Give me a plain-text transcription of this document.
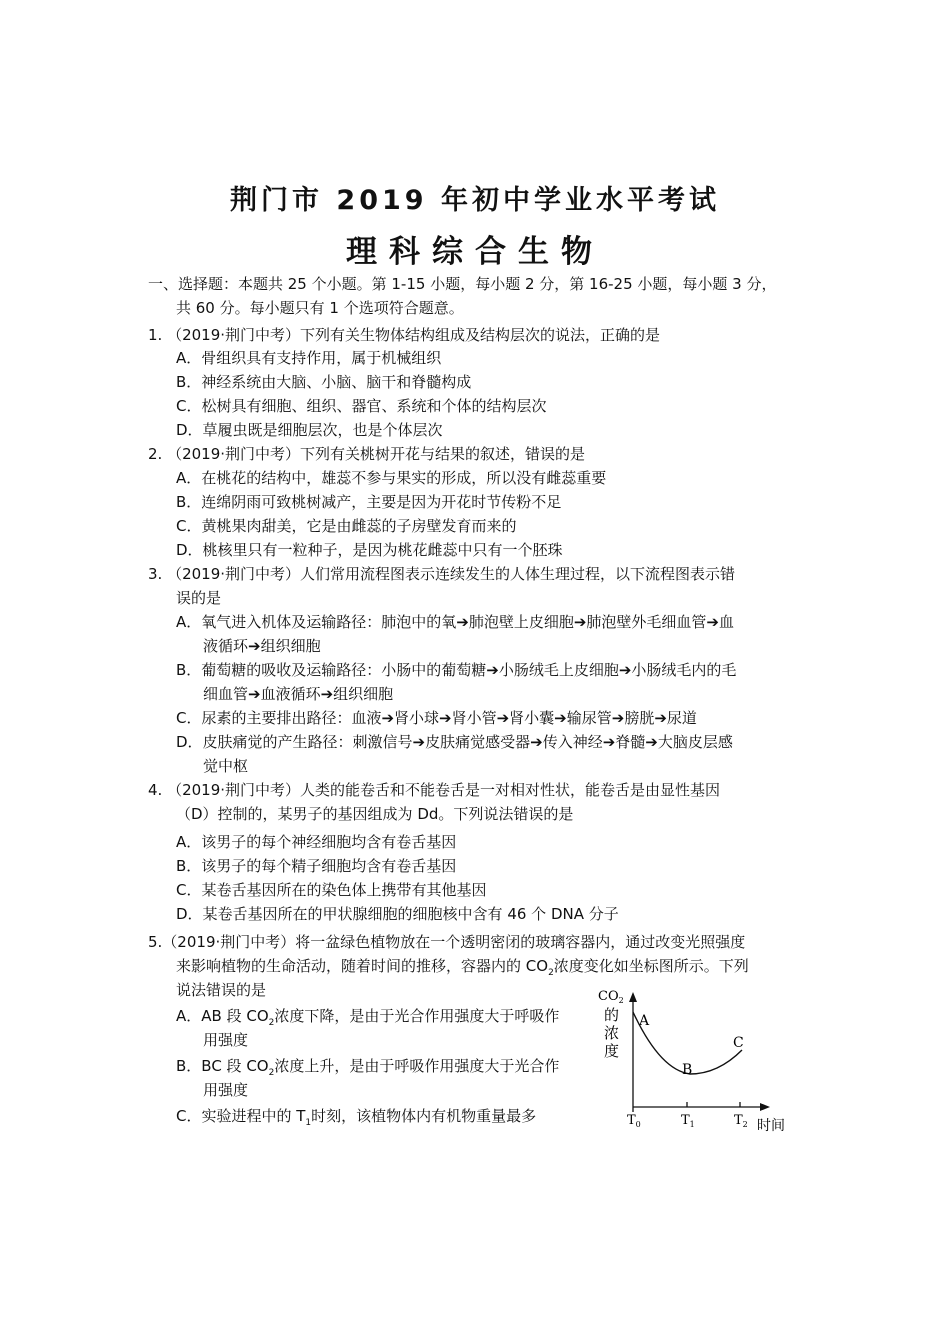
荆门市 2019 年初中学业水平考试
理科综合生物
一、选择题：本题共 25 个小题。第 1-15 小题，每小题 2 分，第 16-25 小题，每小题 3 分，
共 60 分。每小题只有 1 个选项符合题意。
1. （2019·荆门中考）下列有关生物体结构组成及结构层次的说法，正确的是
A．骨组织具有支持作用，属于机械组织
B．神经系统由大脑、小脑、脑干和脊髓构成
C．松树具有细胞、组织、器官、系统和个体的结构层次
D．草履虫既是细胞层次，也是个体层次
2. （2019·荆门中考）下列有关桃树开花与结果的叙述，错误的是
A．在桃花的结构中，雄蕊不参与果实的形成，所以没有雌蕊重要
B．连绵阴雨可致桃树减产，主要是因为开花时节传粉不足
C．黄桃果肉甜美，它是由雌蕊的子房壁发育而来的
D．桃核里只有一粒种子，是因为桃花雌蕊中只有一个胚珠
3. （2019·荆门中考）人们常用流程图表示连续发生的人体生理过程，以下流程图表示错
误的是
A．氧气进入机体及运输路径：肺泡中的氧➔肺泡壁上皮细胞➔肺泡壁外毛细血管➔血
液循环➔组织细胞
B．葡萄糖的吸收及运输路径：小肠中的葡萄糖➔小肠绒毛上皮细胞➔小肠绒毛内的毛
细血管➔血液循环➔组织细胞
C．尿素的主要排出路径：血液➔肾小球➔肾小管➔肾小囊➔输尿管➔膀胱➔尿道
D．皮肤痛觉的产生路径：刺激信号➔皮肤痛觉感受器➔传入神经➔脊髓➔大脑皮层感
觉中枢
4. （2019·荆门中考）人类的能卷舌和不能卷舌是一对相对性状，能卷舌是由显性基因
（D）控制的，某男子的基因组成为 Dd。下列说法错误的是
A．该男子的每个神经细胞均含有卷舌基因
B．该男子的每个精子细胞均含有卷舌基因
C．某卷舌基因所在的染色体上携带有其他基因
D．某卷舌基因所在的甲状腺细胞的细胞核中含有 46 个 DNA 分子
5.（2019·荆门中考）将一盆绿色植物放在一个透明密闭的玻璃容器内，通过改变光照强度
来影响植物的生命活动，随着时间的推移，容器内的 $CO_2$浓度变化如坐标图所示。下列
说法错误的是
A．AB 段 $CO_2$浓度下降，是由于光合作用强度大于呼吸作
用强度
B．BC 段 $CO_2$浓度上升，是由于呼吸作用强度大于光合作
用强度
C．实验进程中的 $T_1$时刻，该植物体内有机物重量最多
$CO_2$
的
浓
度
A
B
C
$T_0$	$T_1$	$T_2$ 时间
